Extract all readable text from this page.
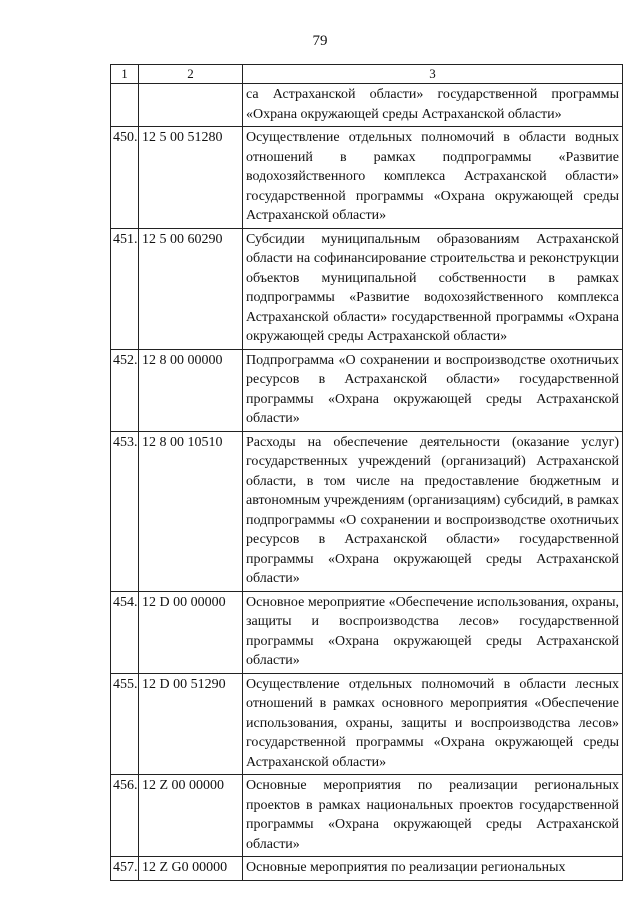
79
1	2	3
		са Астраханской области» государственной программы «Охрана окружающей среды Астраханской области»
450.	12 5 00 51280	Осуществление отдельных полномочий в области водных отношений в рамках подпрограммы «Развитие водохозяйственного комплекса Астраханской области» государственной программы «Охрана окружающей среды Астраханской области»
451.	12 5 00 60290	Субсидии муниципальным образованиям Астраханской области на софинансирование строительства и реконструкции объектов муниципальной собственности в рамках подпрограммы «Развитие водохозяйственного комплекса Астраханской области» государственной программы «Охрана окружающей среды Астраханской области»
452.	12 8 00 00000	Подпрограмма «О сохранении и воспроизводстве охотничьих ресурсов в Астраханской области» государственной программы «Охрана окружающей среды Астраханской области»
453.	12 8 00 10510	Расходы на обеспечение деятельности (оказание услуг) государственных учреждений (организаций) Астраханской области, в том числе на предоставление бюджетным и автономным учреждениям (организациям) субсидий, в рамках подпрограммы «О сохранении и воспроизводстве охотничьих ресурсов в Астраханской области» государственной программы «Охрана окружающей среды Астраханской области»
454.	12 D 00 00000	Основное мероприятие «Обеспечение использования, охраны, защиты и воспроизводства лесов» государственной программы «Охрана окружающей среды Астраханской области»
455.	12 D 00 51290	Осуществление отдельных полномочий в области лесных отношений в рамках основного мероприятия «Обеспечение использования, охраны, защиты и воспроизводства лесов» государственной программы «Охрана окружающей среды Астраханской области»
456.	12 Z 00 00000	Основные мероприятия по реализации региональных проектов в рамках национальных проектов государственной программы «Охрана окружающей среды Астраханской области»
457.	12 Z G0 00000	Основные мероприятия по реализации региональных
